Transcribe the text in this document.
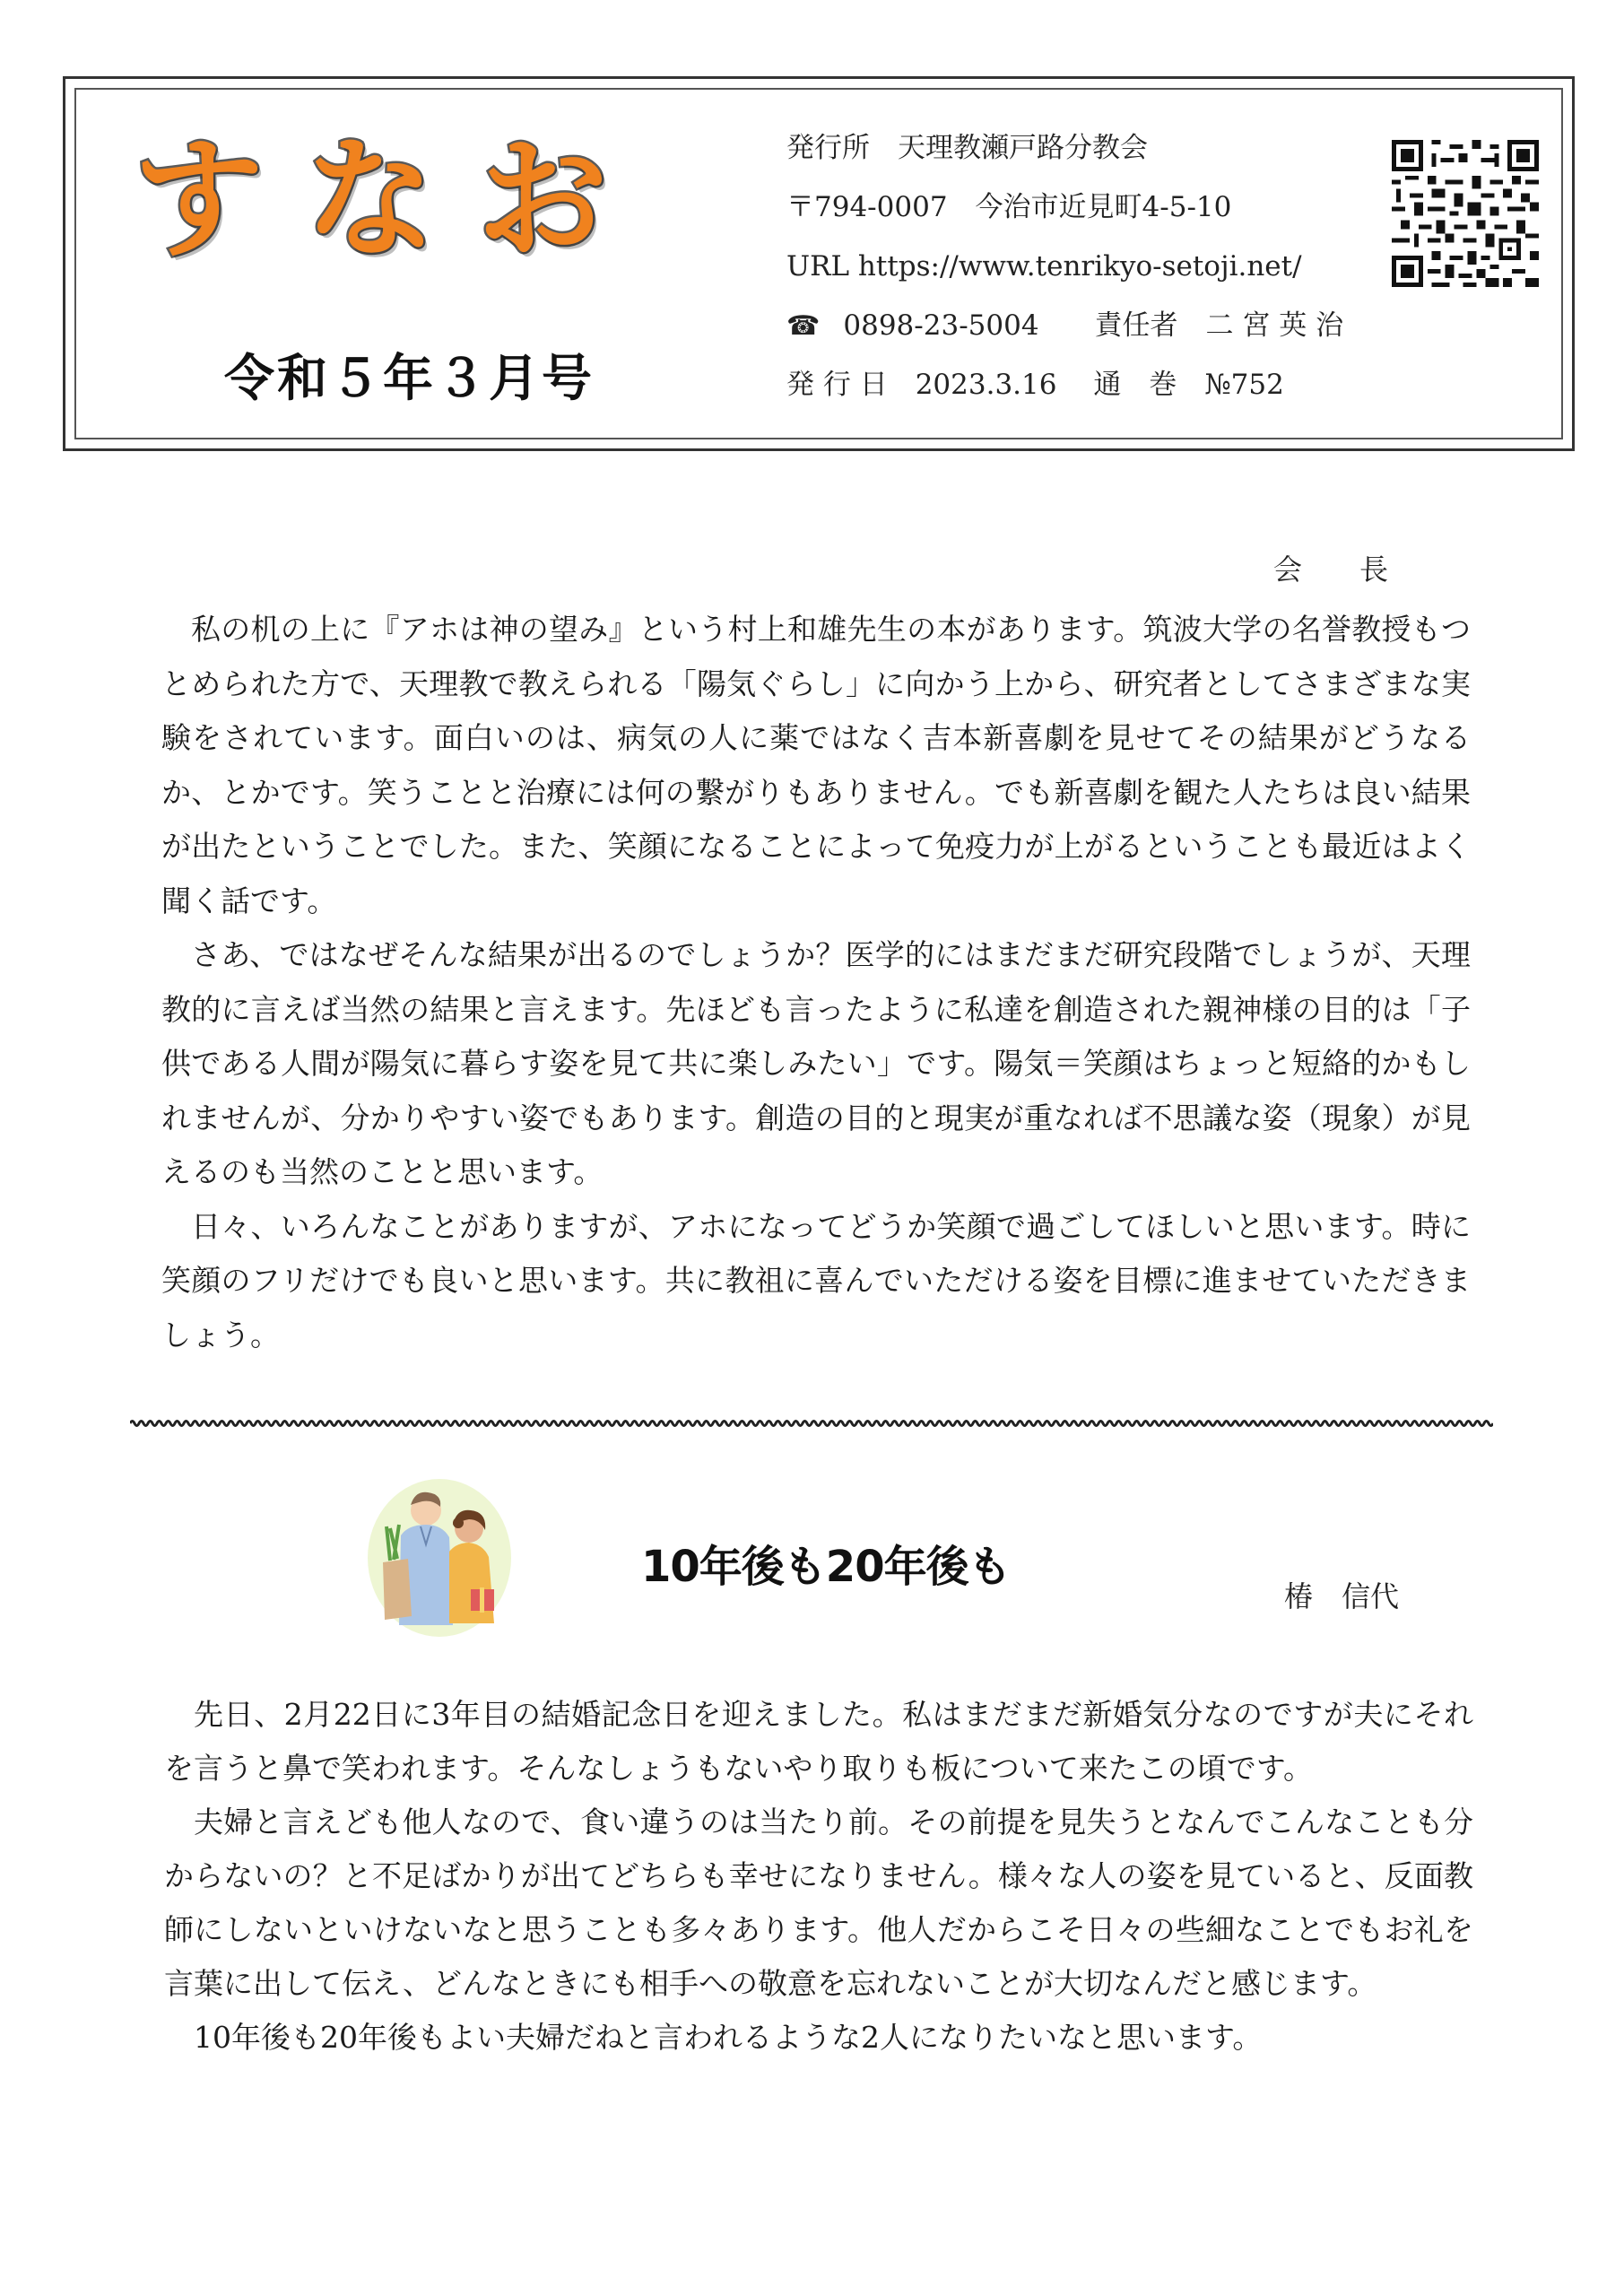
すなお
令和５年３月号
発行所　天理教瀬戸路分教会
〒794-0007　今治市近見町4-5-10
URL https://www.tenrikyo-setoji.net/
☎ 0898-23-5004　　責任者　二 宮 英 治
発 行 日　2023.3.16　 通　巻　№752
会　　長

私の机の上に『アホは神の望み』という村上和雄先生の本があります。筑波大学の名誉教授もつとめられた方で、天理教で教えられる「陽気ぐらし」に向かう上から、研究者としてさまざまな実験をされています。面白いのは、病気の人に薬ではなく吉本新喜劇を見せてその結果がどうなるか、とかです。笑うことと治療には何の繋がりもありません。でも新喜劇を観た人たちは良い結果が出たということでした。また、笑顔になることによって免疫力が上がるということも最近はよく聞く話です。

さあ、ではなぜそんな結果が出るのでしょうか？医学的にはまだまだ研究段階でしょうが、天理教的に言えば当然の結果と言えます。先ほども言ったように私達を創造された親神様の目的は「子供である人間が陽気に暮らす姿を見て共に楽しみたい」です。陽気＝笑顔はちょっと短絡的かもしれませんが、分かりやすい姿でもあります。創造の目的と現実が重なれば不思議な姿（現象）が見えるのも当然のことと思います。

日々、いろんなことがありますが、アホになってどうか笑顔で過ごしてほしいと思います。時に笑顔のフリだけでも良いと思います。共に教祖に喜んでいただける姿を目標に進ませていただきましょう。

10年後も20年後も
椿　信代

先日、2月22日に3年目の結婚記念日を迎えました。私はまだまだ新婚気分なのですが夫にそれを言うと鼻で笑われます。そんなしょうもないやり取りも板について来たこの頃です。

夫婦と言えども他人なので、食い違うのは当たり前。その前提を見失うとなんでこんなことも分からないの？と不足ばかりが出てどちらも幸せになりません。様々な人の姿を見ていると、反面教師にしないといけないなと思うことも多々あります。他人だからこそ日々の些細なことでもお礼を言葉に出して伝え、どんなときにも相手への敬意を忘れないことが大切なんだと感じます。

10年後も20年後もよい夫婦だねと言われるような2人になりたいなと思います。
